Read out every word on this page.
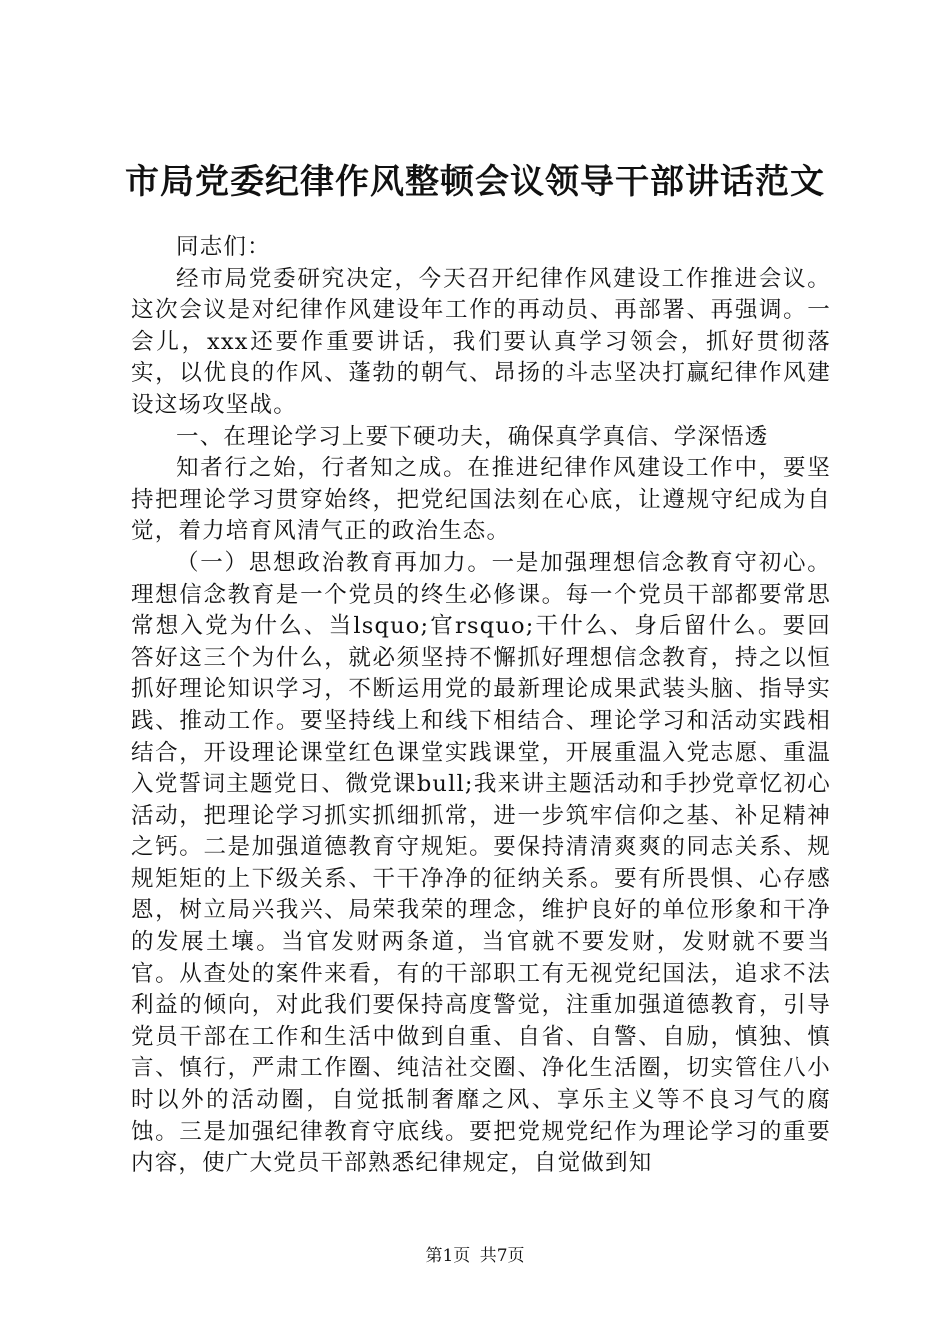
市局党委纪律作风整顿会议领导干部讲话范文

同志们：

经市局党委研究决定，今天召开纪律作风建设工作推进会议。这次会议是对纪律作风建设年工作的再动员、再部署、再强调。一会儿，xxx还要作重要讲话，我们要认真学习领会，抓好贯彻落实，以优良的作风、蓬勃的朝气、昂扬的斗志坚决打赢纪律作风建设这场攻坚战。

一、在理论学习上要下硬功夫，确保真学真信、学深悟透

知者行之始，行者知之成。在推进纪律作风建设工作中，要坚持把理论学习贯穿始终，把党纪国法刻在心底，让遵规守纪成为自觉，着力培育风清气正的政治生态。

（一）思想政治教育再加力。一是加强理想信念教育守初心。理想信念教育是一个党员的终生必修课。每一个党员干部都要常思常想入党为什么、当lsquo;官rsquo;干什么、身后留什么。要回答好这三个为什么，就必须坚持不懈抓好理想信念教育，持之以恒抓好理论知识学习，不断运用党的最新理论成果武装头脑、指导实践、推动工作。要坚持线上和线下相结合、理论学习和活动实践相结合，开设理论课堂红色课堂实践课堂，开展重温入党志愿、重温入党誓词主题党日、微党课bull;我来讲主题活动和手抄党章忆初心活动，把理论学习抓实抓细抓常，进一步筑牢信仰之基、补足精神之钙。二是加强道德教育守规矩。要保持清清爽爽的同志关系、规规矩矩的上下级关系、干干净净的征纳关系。要有所畏惧、心存感恩，树立局兴我兴、局荣我荣的理念，维护良好的单位形象和干净的发展土壤。当官发财两条道，当官就不要发财，发财就不要当官。从查处的案件来看，有的干部职工有无视党纪国法，追求不法利益的倾向，对此我们要保持高度警觉，注重加强道德教育，引导党员干部在工作和生活中做到自重、自省、自警、自励，慎独、慎言、慎行，严肃工作圈、纯洁社交圈、净化生活圈，切实管住八小时以外的活动圈，自觉抵制奢靡之风、享乐主义等不良习气的腐蚀。三是加强纪律教育守底线。要把党规党纪作为理论学习的重要内容，使广大党员干部熟悉纪律规定，自觉做到知

第1页 共7页
